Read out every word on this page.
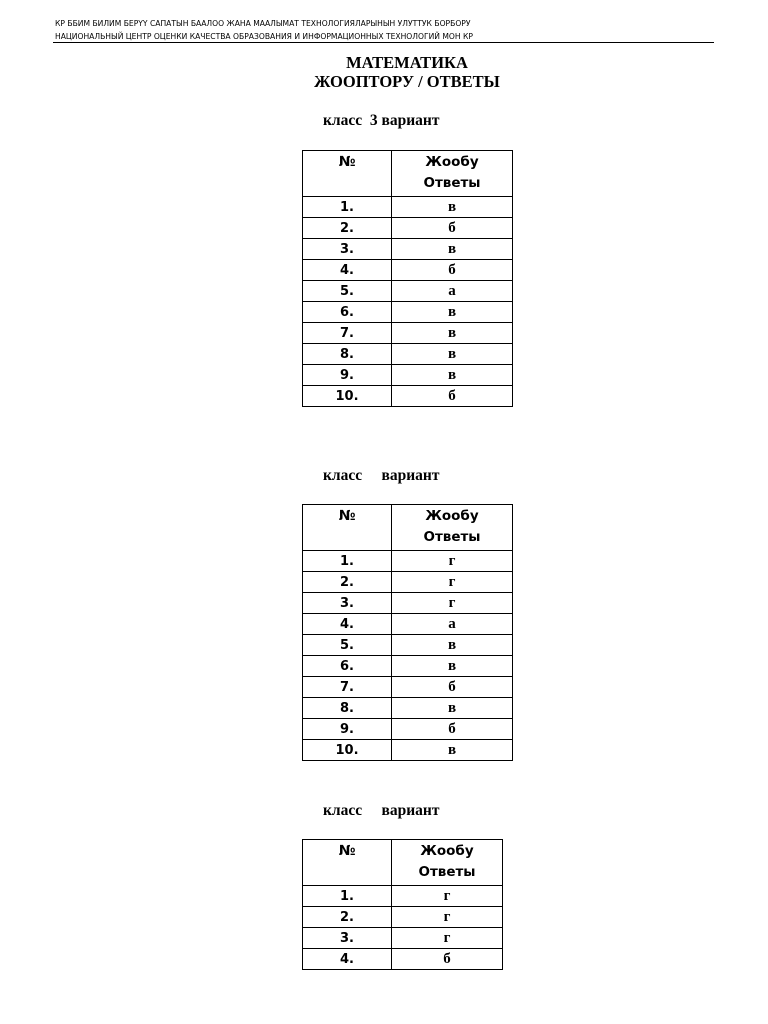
КР ББИМ БИЛИМ БЕРҮҮ САПАТЫН БААЛОО ЖАНА МААЛЫМАТ ТЕХНОЛОГИЯЛАРЫНЫН УЛУТТУК БОРБОРУ
НАЦИОНАЛЬНЫЙ ЦЕНТР ОЦЕНКИ КАЧЕСТВА ОБРАЗОВАНИЯ И ИНФОРМАЦИОННЫХ ТЕХНОЛОГИЙ МОН КР
МАТЕМАТИКА
ЖООПТОРУ / ОТВЕТЫ
класс  3 вариант
№	Жообу
Ответы
1.	в
2.	б
3.	в
4.	б
5.	а
6.	в
7.	в
8.	в
9.	в
10.	б
класс     вариант
№	Жообу
Ответы
1.	г
2.	г
3.	г
4.	а
5.	в
6.	в
7.	б
8.	в
9.	б
10.	в
класс     вариант
№	Жообу
Ответы
1.	г
2.	г
3.	г
4.	б
